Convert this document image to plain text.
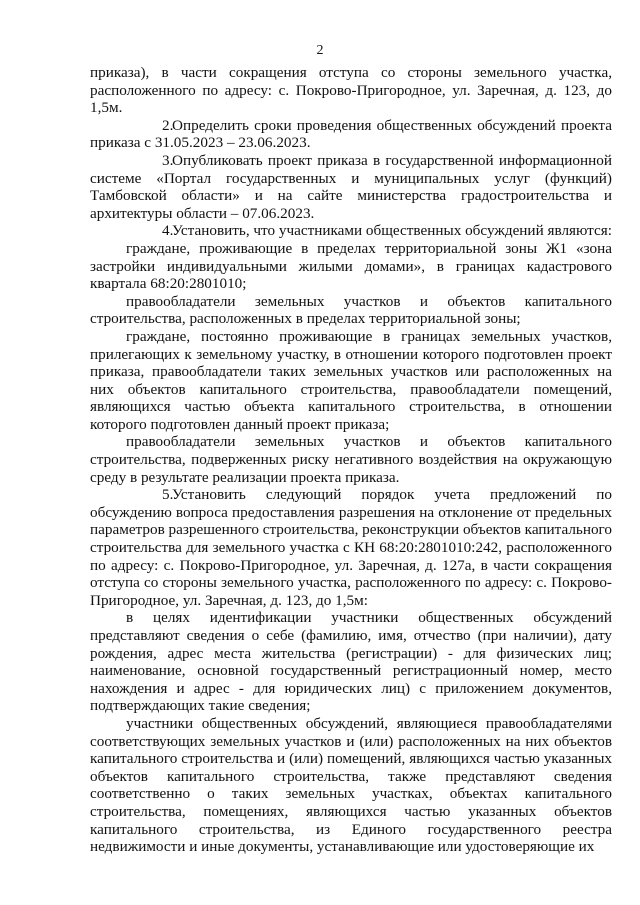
2

приказа), в части сокращения отступа со стороны земельного участка, расположенного по адресу: с. Покрово-Пригородное, ул. Заречная, д. 123, до 1,5м.

2.Определить сроки проведения общественных обсуждений проекта приказа с 31.05.2023 – 23.06.2023.

3.Опубликовать проект приказа в государственной информационной системе «Портал государственных и муниципальных услуг (функций) Тамбовской области» и на сайте министерства градостроительства и архитектуры области – 07.06.2023.

4.Установить, что участниками общественных обсуждений являются:

граждане, проживающие в пределах территориальной зоны Ж1 «зона застройки индивидуальными жилыми домами», в границах кадастрового квартала 68:20:2801010;

правообладатели земельных участков и объектов капитального строительства, расположенных в пределах территориальной зоны;

граждане, постоянно проживающие в границах земельных участков, прилегающих к земельному участку, в отношении которого подготовлен проект приказа, правообладатели таких земельных участков или расположенных на них объектов капитального строительства, правообладатели помещений, являющихся частью объекта капитального строительства, в отношении которого подготовлен данный проект приказа;

правообладатели земельных участков и объектов капитального строительства, подверженных риску негативного воздействия на окружающую среду в результате реализации проекта приказа.

5.Установить следующий порядок учета предложений по обсуждению вопроса предоставления разрешения на отклонение от предельных параметров разрешенного строительства, реконструкции объектов капитального строительства для земельного участка с КН 68:20:2801010:242, расположенного по адресу: с. Покрово-Пригородное, ул. Заречная, д. 127а, в части сокращения отступа со стороны земельного участка, расположенного по адресу: с. Покрово-Пригородное, ул. Заречная, д. 123, до 1,5м:

в целях идентификации участники общественных обсуждений представляют сведения о себе (фамилию, имя, отчество (при наличии), дату рождения, адрес места жительства (регистрации) - для физических лиц; наименование, основной государственный регистрационный номер, место нахождения и адрес - для юридических лиц) с приложением документов, подтверждающих такие сведения;

участники общественных обсуждений, являющиеся правообладателями соответствующих земельных участков и (или) расположенных на них объектов капитального строительства и (или) помещений, являющихся частью указанных объектов капитального строительства, также представляют сведения соответственно о таких земельных участках, объектах капитального строительства, помещениях, являющихся частью указанных объектов капитального строительства, из Единого государственного реестра недвижимости и иные документы, устанавливающие или удостоверяющие их
